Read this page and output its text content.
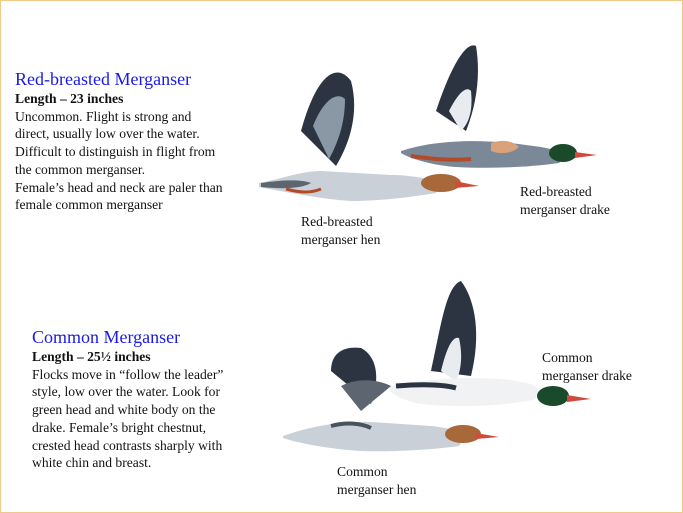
Red-breasted Merganser

Length – 23 inches

Uncommon. Flight is strong and
direct, usually low over the water.
Difficult to distinguish in flight from
the common merganser.
Female’s head and neck are paler than
female common merganser
Common Merganser

Length – 25½ inches

Flocks move in “follow the leader”
style, low over the water. Look for
green head and white body on the
drake. Female’s bright chestnut,
crested head contrasts sharply with
white chin and breast.
Red-breasted
merganser hen
Red-breasted
merganser drake
Common
merganser drake
Common
merganser hen
